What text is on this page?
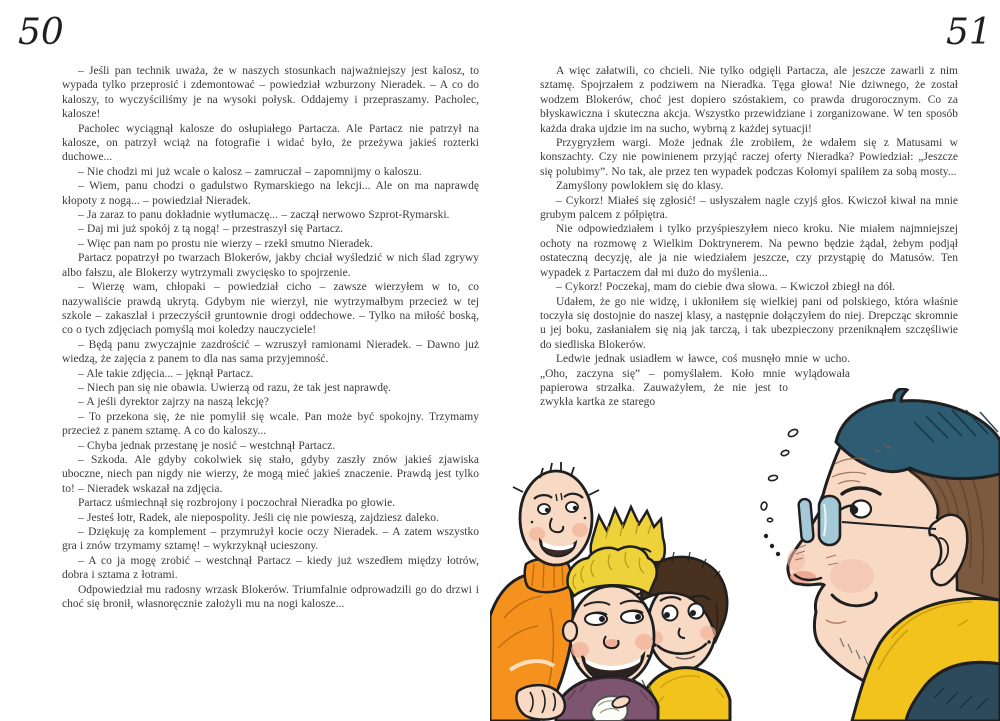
50	51

– Jeśli pan technik uważa, że w naszych stosunkach najważniejszy jest kalosz, to wypada tylko przeprosić i zdemontować – powiedział wzburzony Nieradek. – A co do kaloszy, to wyczyściliśmy je na wysoki połysk. Oddajemy i przepraszamy. Pacholec, kalosze!

Pacholec wyciągnął kalosze do osłupiałego Partacza. Ale Partacz nie patrzył na kalosze, on patrzył wciąż na fotografie i widać było, że przeżywa jakieś rozterki duchowe...

– Nie chodzi mi już wcale o kalosz – zamruczał – zapomnijmy o kaloszu.

– Wiem, panu chodzi o gadulstwo Rymarskiego na lekcji... Ale on ma naprawdę kłopoty z nogą... – powiedział Nieradek.

– Ja zaraz to panu dokładnie wytłumaczę... – zaczął nerwowo Szprot-Rymarski.

– Daj mi już spokój z tą nogą! – przestraszył się Partacz.

– Więc pan nam po prostu nie wierzy – rzekł smutno Nieradek.

Partacz popatrzył po twarzach Blokerów, jakby chciał wyśledzić w nich ślad zgrywy albo fałszu, ale Blokerzy wytrzymali zwycięsko to spojrzenie.

– Wierzę wam, chłopaki – powiedział cicho – zawsze wierzyłem w to, co nazywaliście prawdą ukrytą. Gdybym nie wierzył, nie wytrzymałbym przecież w tej szkole – zakaszlał i przeczyścił gruntownie drogi oddechowe. – Tylko na miłość boską, co o tych zdjęciach pomyślą moi koledzy nauczyciele!

– Będą panu zwyczajnie zazdrościć – wzruszył ramionami Nieradek. – Dawno już wiedzą, że zajęcia z panem to dla nas sama przyjemność.

– Ale takie zdjęcia... – jęknął Partacz.

– Niech pan się nie obawia. Uwierzą od razu, że tak jest naprawdę.

– A jeśli dyrektor zajrzy na naszą lekcję?

– To przekona się, że nie pomylił się wcale. Pan może być spokojny. Trzymamy przecież z panem sztamę. A co do kaloszy...

– Chyba jednak przestanę je nosić – westchnął Partacz.

– Szkoda. Ale gdyby cokolwiek się stało, gdyby zaszły znów jakieś zjawiska uboczne, niech pan nigdy nie wierzy, że mogą mieć jakieś znaczenie. Prawdą jest tylko to! – Nieradek wskazał na zdjęcia.

Partacz uśmiechnął się rozbrojony i poczochrał Nieradka po głowie.

– Jesteś łotr, Radek, ale niepospolity. Jeśli cię nie powieszą, zajdziesz daleko.

– Dziękuję za komplement – przymrużył kocie oczy Nieradek. – A zatem wszystko gra i znów trzymamy sztamę! – wykrzyknął ucieszony.

– A co ja mogę zrobić – westchnął Partacz – kiedy już wszedłem między łotrów, dobra i sztama z łotrami.

Odpowiedział mu radosny wrzask Blokerów. Triumfalnie odprowadzili go do drzwi i choć się bronił, własnoręcznie założyli mu na nogi kalosze...

A więc załatwili, co chcieli. Nie tylko odgięli Partacza, ale jeszcze zawarli z nim sztamę. Spojrzałem z podziwem na Nieradka. Tęga głowa! Nie dziwnego, że został wodzem Blokerów, choć jest dopiero szóstakiem, co prawda drugorocznym. Co za błyskawiczna i skuteczna akcja. Wszystko przewidziane i zorganizowane. W ten sposób każda draka ujdzie im na sucho, wybrną z każdej sytuacji!

Przygryzłem wargi. Może jednak źle zrobiłem, że wdałem się z Matusami w konszachty. Czy nie powinienem przyjąć raczej oferty Nieradka? Powiedział: „Jeszcze się polubimy”. No tak, ale przez ten wypadek podczas Kołomyi spaliłem za sobą mosty...

Zamyślony powlokłem się do klasy.

– Cykorz! Miałeś się zgłosić! – usłyszałem nagle czyjś głos. Kwiczoł kiwał na mnie grubym palcem z półpiętra.

Nie odpowiedziałem i tylko przyśpieszyłem nieco kroku. Nie miałem najmniejszej ochoty na rozmowę z Wielkim Doktrynerem. Na pewno będzie żądał, żebym podjął ostateczną decyzję, ale ja nie wiedziałem jeszcze, czy przystąpię do Matusów. Ten wypadek z Partaczem dał mi dużo do myślenia...

– Cykorz! Poczekaj, mam do ciebie dwa słowa. – Kwiczoł zbiegł na dół.

Udałem, że go nie widzę, i ukłoniłem się wielkiej pani od polskiego, która właśnie toczyła się dostojnie do naszej klasy, a następnie dołączyłem do niej. Drepcząc skromnie u jej boku, zasłaniałem się nią jak tarczą, i tak ubezpieczony przeniknąłem szczęśliwie do siedliska Blokerów.

Ledwie jednak usiadłem w ławce, coś musnęło mnie w ucho. „Oho, zaczyna się” – pomyślałem. Koło mnie wylądowała papierowa strzałka. Zauważyłem, że nie jest to zwykła kartka ze starego
